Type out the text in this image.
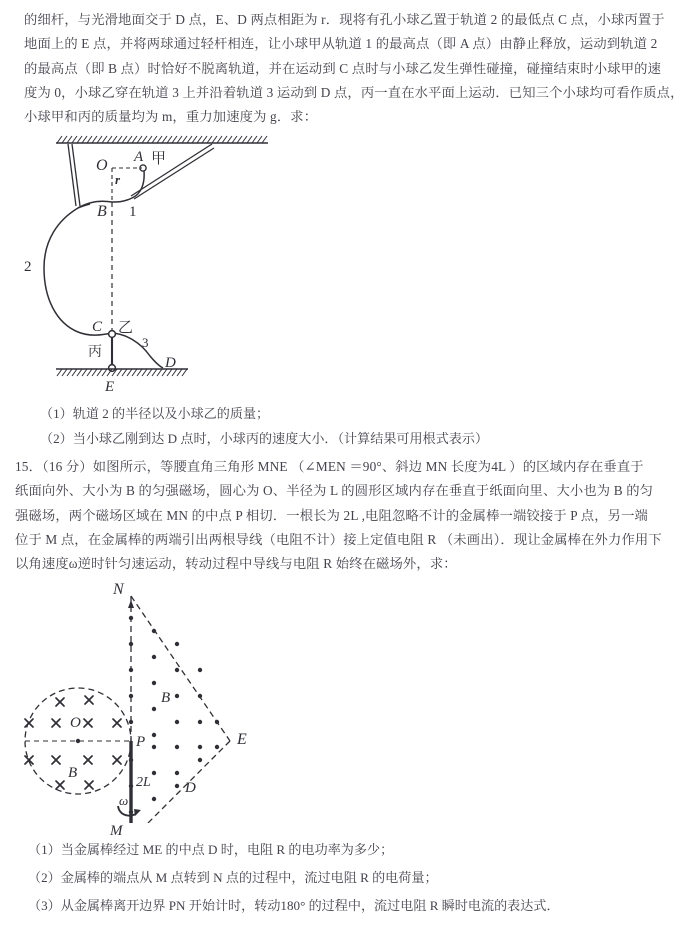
的细杆，与光滑地面交于 D 点，E、D 两点相距为 r．现将有孔小球乙置于轨道 2 的最低点 C 点，小球丙置于
地面上的 E 点，并将两球通过轻杆相连，让小球甲从轨道 1 的最高点（即 A 点）由静止释放，运动到轨道 2
的最高点（即 B 点）时恰好不脱离轨道，并在运动到 C 点时与小球乙发生弹性碰撞，碰撞结束时小球甲的速
度为 0，小球乙穿在轨道 3 上并沿着轨道 3 运动到 D 点，丙一直在水平面上运动．已知三个小球均可看作质点，
小球甲和丙的质量均为 m，重力加速度为 g．求：
O
r
A 甲
B 1
2
C 乙
3
丙
D
E
（1）轨道 2 的半径以及小球乙的质量；
（2）当小球乙刚到达 D 点时，小球丙的速度大小．（计算结果可用根式表示）
15．（16 分）如图所示，等腰直角三角形 MNE （∠MEN ＝90°、斜边 MN 长度为4L ）的区域内存在垂直于
纸面向外、大小为 B 的匀强磁场，圆心为 O、半径为 L 的圆形区域内存在垂直于纸面向里、大小也为 B 的匀
强磁场，两个磁场区域在 MN 的中点 P 相切．一根长为 2L ,电阻忽略不计的金属棒一端铰接于 P 点，另一端
位于 M 点，在金属棒的两端引出两根导线（电阻不计）接上定值电阻 R （未画出）．现让金属棒在外力作用下
以角速度ω逆时针匀速运动，转动过程中导线与电阻 R 始终在磁场外，求：
N
O
B
P
B
E
2L D
M
ω
（1）当金属棒经过 ME 的中点 D 时，电阻 R 的电功率为多少；
（2）金属棒的端点从 M 点转到 N 点的过程中，流过电阻 R 的电荷量；
（3）从金属棒离开边界 PN 开始计时，转动180° 的过程中，流过电阻 R 瞬时电流的表达式．
